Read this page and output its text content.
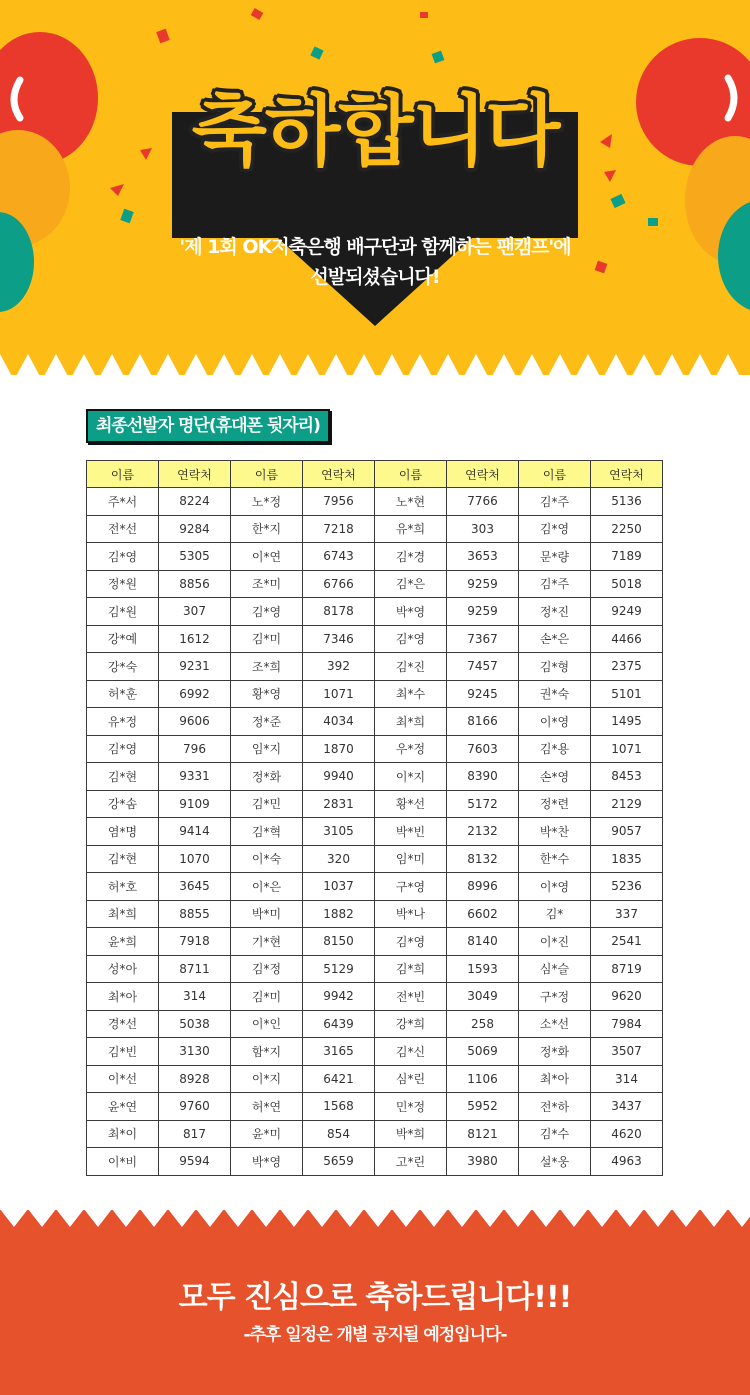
축하합니다
'제 1회 OK저축은행 배구단과 함께하는 팬캠프'에
선발되셨습니다!
최종선발자 명단(휴대폰 뒷자리)
이름	연락처	이름	연락처	이름	연락처	이름	연락처
주*서	8224	노*정	7956	노*현	7766	김*주	5136
전*선	9284	한*지	7218	유*희	303	김*영	2250
김*영	5305	이*연	6743	김*경	3653	문*량	7189
정*원	8856	조*미	6766	김*은	9259	김*주	5018
김*원	307	김*영	8178	박*영	9259	정*진	9249
강*예	1612	김*미	7346	김*영	7367	손*은	4466
강*숙	9231	조*희	392	김*진	7457	김*형	2375
허*훈	6992	황*영	1071	최*수	9245	권*숙	5101
유*정	9606	정*준	4034	최*희	8166	이*영	1495
김*영	796	임*지	1870	우*정	7603	김*용	1071
김*현	9331	정*화	9940	이*지	8390	손*영	8453
강*솜	9109	김*민	2831	황*선	5172	정*련	2129
염*명	9414	김*혁	3105	박*빈	2132	박*찬	9057
김*현	1070	이*숙	320	임*미	8132	한*수	1835
허*호	3645	이*은	1037	구*영	8996	이*영	5236
최*희	8855	박*미	1882	박*나	6602	김*	337
윤*희	7918	기*현	8150	김*영	8140	이*진	2541
성*아	8711	김*정	5129	김*희	1593	심*슬	8719
최*아	314	김*미	9942	전*빈	3049	구*정	9620
경*선	5038	이*인	6439	강*희	258	소*선	7984
김*빈	3130	함*지	3165	김*신	5069	정*화	3507
이*선	8928	이*지	6421	심*린	1106	최*아	314
윤*연	9760	허*연	1568	민*정	5952	전*하	3437
최*이	817	윤*미	854	박*희	8121	김*수	4620
이*비	9594	박*영	5659	고*린	3980	설*웅	4963
모두 진심으로 축하드립니다!!!
-추후 일정은 개별 공지될 예정입니다-
